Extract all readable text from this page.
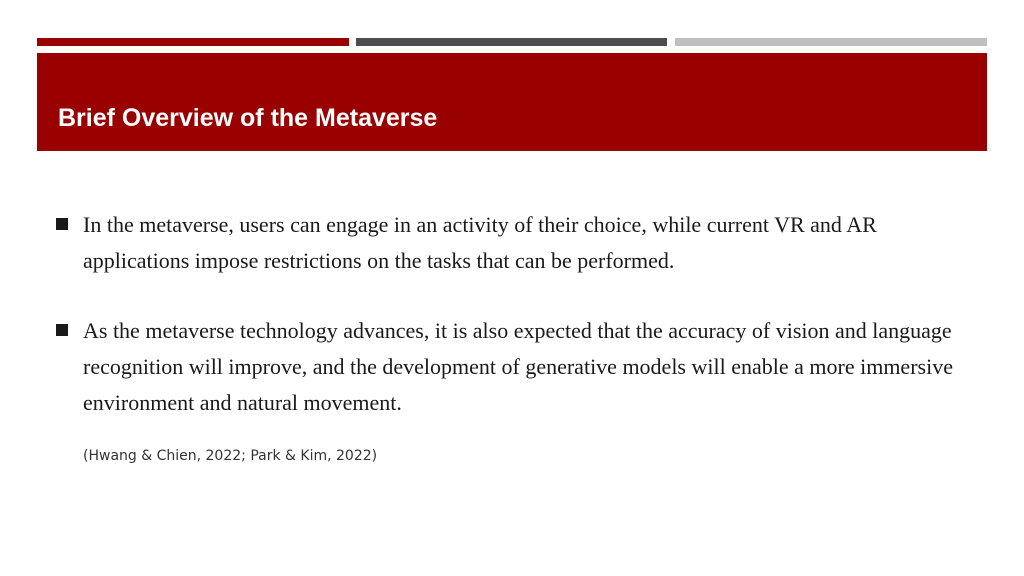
Brief Overview of the Metaverse

In the metaverse, users can engage in an activity of their choice, while current VR and AR applications impose restrictions on the tasks that can be performed.

As the metaverse technology advances, it is also expected that the accuracy of vision and language recognition will improve, and the development of generative models will enable a more immersive environment and natural movement.

(Hwang & Chien, 2022; Park & Kim, 2022)
